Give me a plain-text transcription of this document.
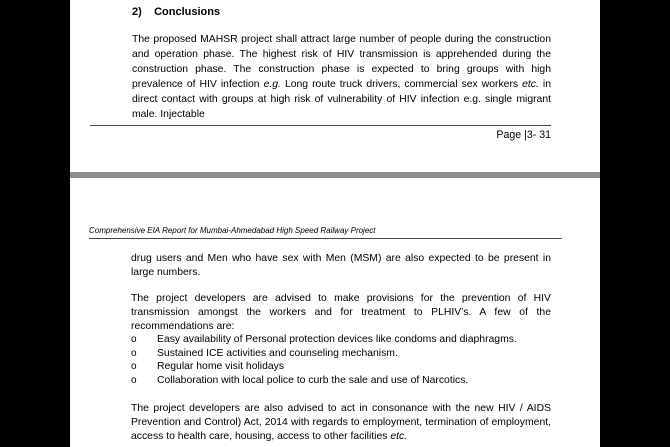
2) Conclusions
The proposed MAHSR project shall attract large number of people during the construction and operation phase. The highest risk of HIV transmission is apprehended during the construction phase. The construction phase is expected to bring groups with high prevalence of HIV infection e.g. Long route truck drivers, commercial sex workers etc. in direct contact with groups at high risk of vulnerability of HIV infection e.g. single migrant male. Injectable
Page |3- 31
Comprehensive EIA Report for Mumbai-Ahmedabad High Speed Railway Project
drug users and Men who have sex with Men (MSM) are also expected to be present in large numbers.
The project developers are advised to make provisions for the prevention of HIV transmission amongst the workers and for treatment to PLHIV’s. A few of the recommendations are:
o Easy availability of Personal protection devices like condoms and diaphragms.
o Sustained ICE activities and counseling mechanism.
o Regular home visit holidays
o Collaboration with local police to curb the sale and use of Narcotics.
The project developers are also advised to act in consonance with the new HIV / AIDS Prevention and Control) Act, 2014 with regards to employment, termination of employment, access to health care, housing, access to other facilities etc.
